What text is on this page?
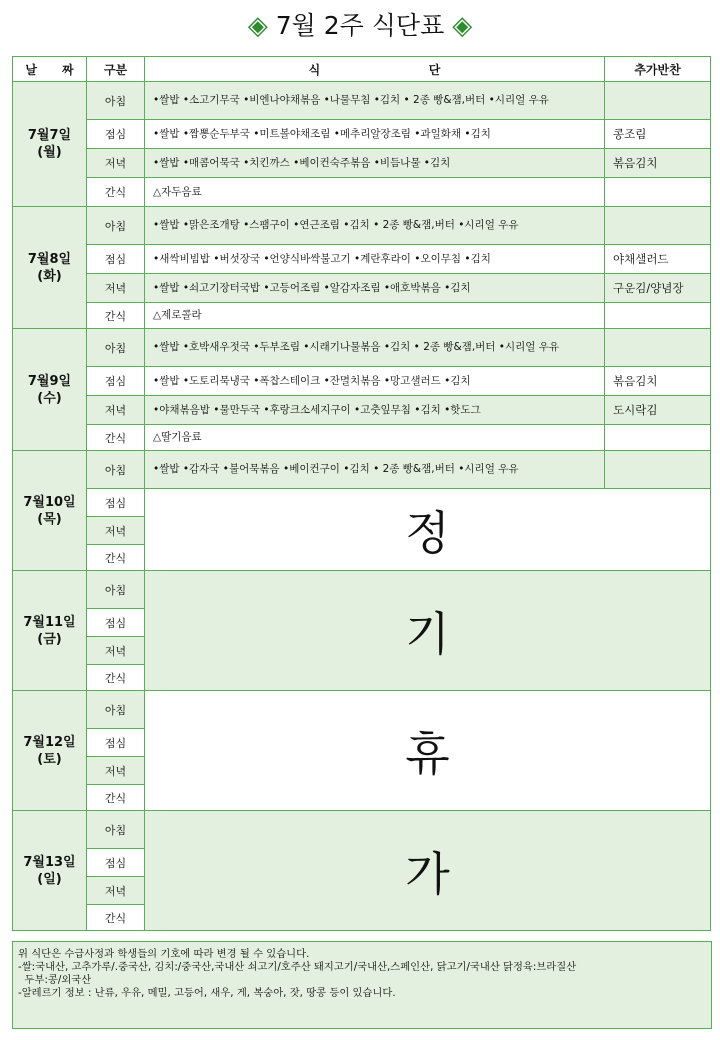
◈ 7월 2주 식단표 ◈
날      짜	구분	식                          단	추가반찬

7월7일
(월)	아침	•쌀밥 •소고기무국 •비엔나야채볶음 •나물무침 •김치 • 2종 빵&잼,버터 •시리얼 우유	
	점심	•쌀밥 •짬뽕순두부국 •미트볼야채조림 •메추리알장조림 •과일화채 •김치	콩조림
	저녁	•쌀밥 •매콤어묵국 •치킨까스 •베이컨숙주볶음 •비듬나물 •김치	볶음김치
	간식	△자두음료	

7월8일
(화)	아침	•쌀밥 •맑은조개탕 •스팸구이 •연근조림 •김치 • 2종 빵&잼,버터 •시리얼 우유	
	점심	•새싹비빔밥 •버섯장국 •언양식바싹불고기 •계란후라이 •오이무침 •김치	야채샐러드
	저녁	•쌀밥 •쇠고기장터국밥 •고등어조림 •알감자조림 •애호박볶음 •김치	구운김/양념장
	간식	△제로콜라	

7월9일
(수)	아침	•쌀밥 •호박새우젓국 •두부조림 •시래기나물볶음 •김치 • 2종 빵&잼,버터 •시리얼 우유	
	점심	•쌀밥 •도토리묵냉국 •폭찹스테이크 •잔멸치볶음 •망고샐러드 •김치	볶음김치
	저녁	•야채볶음밥 •물만두국 •후랑크소세지구이 •고춧잎무침 •김치 •핫도그	도시락김
	간식	△딸기음료	

7월10일
(목)	아침	•쌀밥 •감자국 •불어묵볶음 •베이컨구이 •김치 • 2종 빵&잼,버터 •시리얼 우유	
	점심	정	
	저녁		
	간식		

7월11일
(금)	아침	기	
	점심		
	저녁		
	간식		

7월12일
(토)	아침	휴	
	점심		
	저녁		
	간식		

7월13일
(일)	아침	가	
	점심		
	저녁		
	간식		
위 식단은 수급사정과 학생들의 기호에 따라 변경 될 수 있습니다.
-쌀:국내산, 고추가루/.중국산, 김치:/중국산,국내산 쇠고기/호주산 돼지고기/국내산,스페인산, 닭고기/국내산 닭정육:브라질산
두부:콩/외국산
-알레르기 정보 : 난류, 우유, 메밀, 고등어, 새우, 게, 복숭아, 잣, 땅콩 등이 있습니다.
